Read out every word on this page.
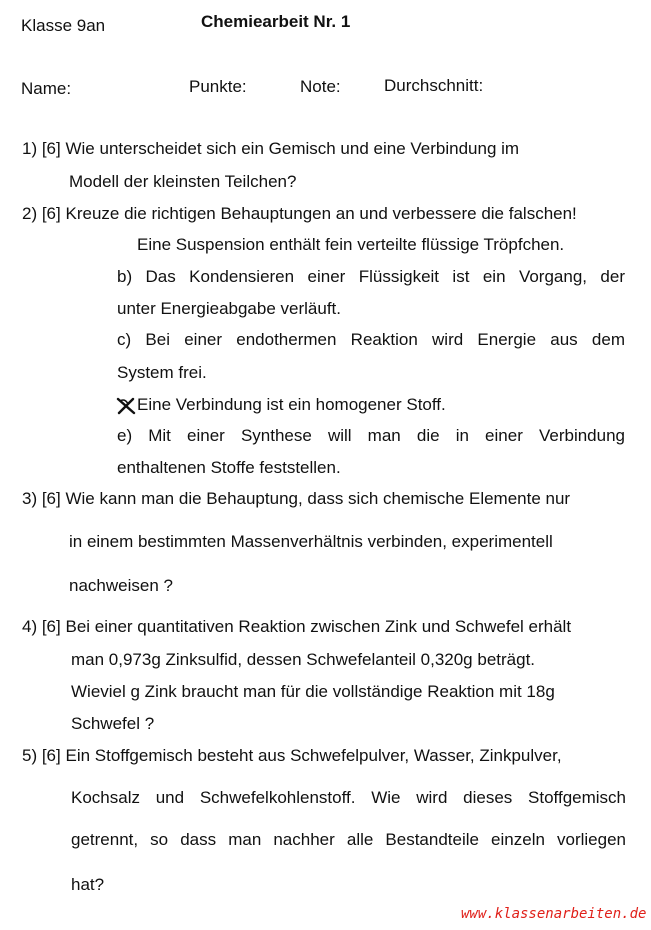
Klasse 9an	Chemiearbeit Nr. 1
Name:	Punkte:	Note:	Durchschnitt:
1) [6] Wie unterscheidet sich ein Gemisch und eine Verbindung im
Modell der kleinsten Teilchen?
2) [6] Kreuze die richtigen Behauptungen an und verbessere die falschen!
Eine Suspension enthält fein verteilte flüssige Tröpfchen.
b) Das Kondensieren einer Flüssigkeit ist ein Vorgang, der
unter Energieabgabe verläuft.
c) Bei einer endothermen Reaktion wird Energie aus dem
System frei.
Eine Verbindung ist ein homogener Stoff.
e) Mit einer Synthese will man die in einer Verbindung
enthaltenen Stoffe feststellen.
3) [6] Wie kann man die Behauptung, dass sich chemische Elemente nur
in einem bestimmten Massenverhältnis verbinden, experimentell
nachweisen ?
4) [6] Bei einer quantitativen Reaktion zwischen Zink und Schwefel erhält
man 0,973g Zinksulfid, dessen Schwefelanteil 0,320g beträgt.
Wieviel g Zink braucht man für die vollständige Reaktion mit 18g
Schwefel ?
5) [6] Ein Stoffgemisch besteht aus Schwefelpulver, Wasser, Zinkpulver,
Kochsalz und Schwefelkohlenstoff. Wie wird dieses Stoffgemisch
getrennt, so dass man nachher alle Bestandteile einzeln vorliegen
hat?
www.klassenarbeiten.de
